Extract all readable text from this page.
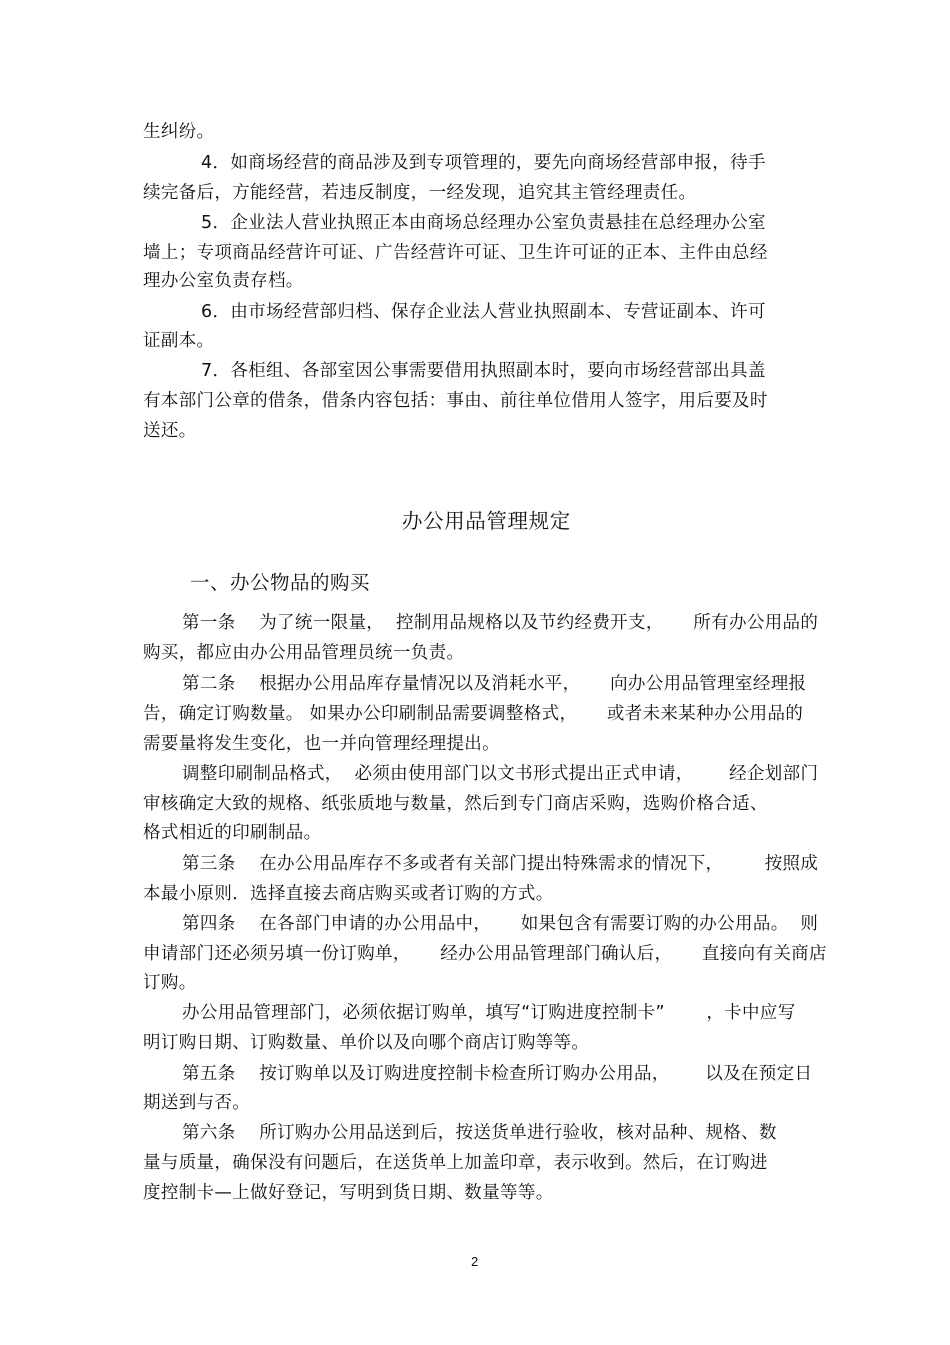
生纠纷。
4．如商场经营的商品涉及到专项管理的，要先向商场经营部申报，待手
续完备后，方能经营，若违反制度，一经发现，追究其主管经理责任。
5．企业法人营业执照正本由商场总经理办公室负责悬挂在总经理办公室
墙上；专项商品经营许可证、广告经营许可证、卫生许可证的正本、主件由总经
理办公室负责存档。
6．由市场经营部归档、保存企业法人营业执照副本、专营证副本、许可
证副本。
7．各柜组、各部室因公事需要借用执照副本时，要向市场经营部出具盖
有本部门公章的借条，借条内容包括：事由、前往单位借用人签字，用后要及时
送还。
办公用品管理规定
一、办公物品的购买
第一条    为了统一限量，  控制用品规格以及节约经费开支，     所有办公用品的
购买，都应由办公用品管理员统一负责。
第二条    根据办公用品库存量情况以及消耗水平，     向办公用品管理室经理报
告，确定订购数量。 如果办公印刷制品需要调整格式，     或者未来某种办公用品的
需要量将发生变化，也一并向管理经理提出。
调整印刷制品格式，  必须由使用部门以文书形式提出正式申请，      经企划部门
审核确定大致的规格、纸张质地与数量，然后到专门商店采购，选购价格合适、
格式相近的印刷制品。
第三条    在办公用品库存不多或者有关部门提出特殊需求的情况下，       按照成
本最小原则．选择直接去商店购买或者订购的方式。
第四条    在各部门申请的办公用品中，     如果包含有需要订购的办公用品。  则
申请部门还必须另填一份订购单，     经办公用品管理部门确认后，     直接向有关商店
订购。
办公用品管理部门，必须依据订购单，填写“订购进度控制卡”       ，卡中应写
明订购日期、订购数量、单价以及向哪个商店订购等等。
第五条    按订购单以及订购进度控制卡检查所订购办公用品，      以及在预定日
期送到与否。
第六条    所订购办公用品送到后，按送货单进行验收，核对品种、规格、数
量与质量，确保没有问题后，在送货单上加盖印章，表示收到。然后，在订购进
度控制卡—上做好登记，写明到货日期、数量等等。
2
